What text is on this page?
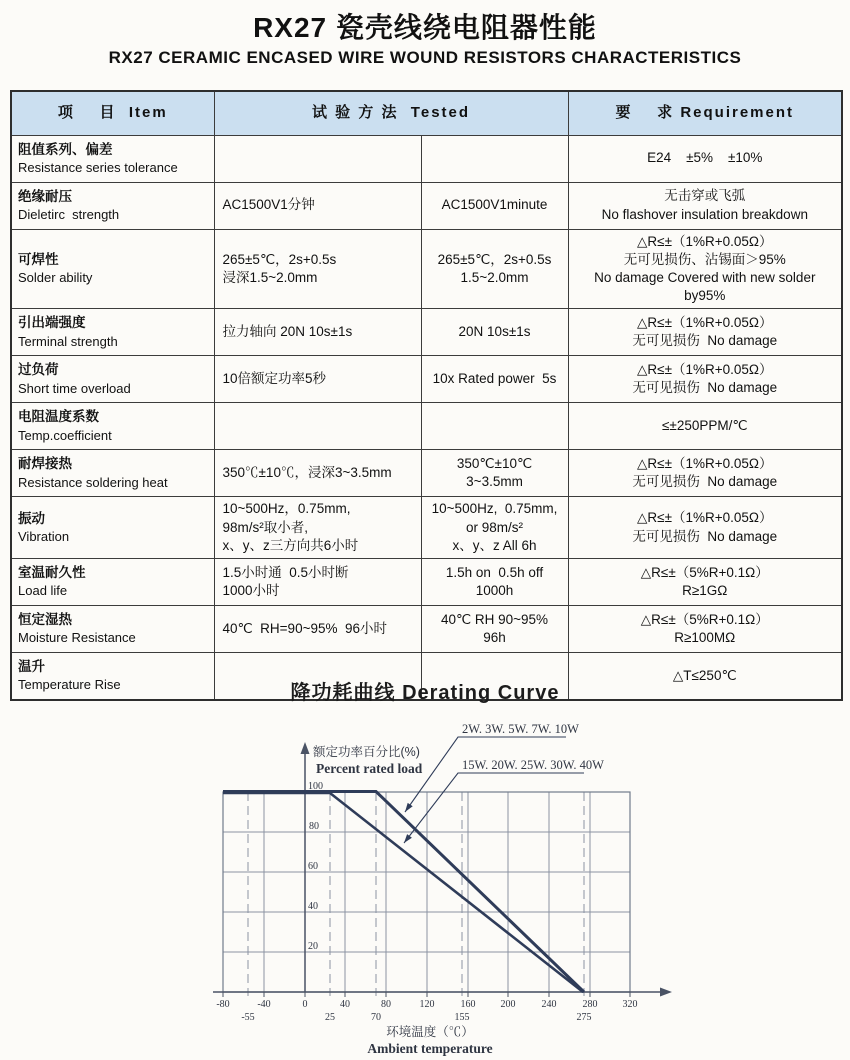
RX27 瓷壳线绕电阻器性能
RX27 CERAMIC ENCASED WIRE WOUND RESISTORS CHARACTERISTICS
项    目  Item	试 验 方 法  Tested		要    求 Requirement

阻值系列、偏差
Resistance series tolerance			E24    ±5%    ±10%

绝缘耐压
Dieletirc  strength
	AC1500V1分钟	AC1500V1minute	无击穿或飞弧
No flashover insulation breakdown

可焊性
Solder ability
	265±5℃，2s+0.5s
浸深1.5~2.0mm	265±5℃，2s+0.5s
1.5~2.0mm	△R≤±（1%R+0.05Ω）
无可见损伤、沾锡面＞95%
No damage Covered with new solder by95%

引出端强度
Terminal strength
	拉力轴向 20N 10s±1s	20N 10s±1s	△R≤±（1%R+0.05Ω）
无可见损伤  No damage

过负荷
Short time overload
	10倍额定功率5秒	10x Rated power  5s	△R≤±（1%R+0.05Ω）
无可见损伤  No damage

电阻温度系数
Temp.coefficient			≤±250PPM/℃

耐焊接热
Resistance soldering heat
	350℃±10℃，浸深3~3.5mm	350℃±10℃
3~3.5mm	△R≤±（1%R+0.05Ω）
无可见损伤  No damage

振动
Vibration
	10~500Hz，0.75mm,
98m/s²取小者,
x、y、z三方向共6小时	10~500Hz,  0.75mm,
or 98m/s²
x、y、z All 6h	△R≤±（1%R+0.05Ω）
无可见损伤  No damage

室温耐久性
Load life
	1.5小时通  0.5小时断
1000小时	1.5h on  0.5h off
1000h	△R≤±（5%R+0.1Ω）
R≥1GΩ

恒定湿热
Moisture Resistance
	40℃  RH=90~95%  96小时	40℃ RH 90~95%
96h	△R≤±（5%R+0.1Ω）
R≥100MΩ

温升
Temperature Rise			△T≤250℃
降功耗曲线 Derating Curve
2W. 3W. 5W. 7W. 10W
15W. 20W. 25W. 30W. 40W
额定功率百分比(%)
Percent rated load
100
80
60
40
20
-80	-40	0	40	80	120	160	200	240	280	320
-55	25	70	155	275
环境温度（℃）
Ambient temperature
